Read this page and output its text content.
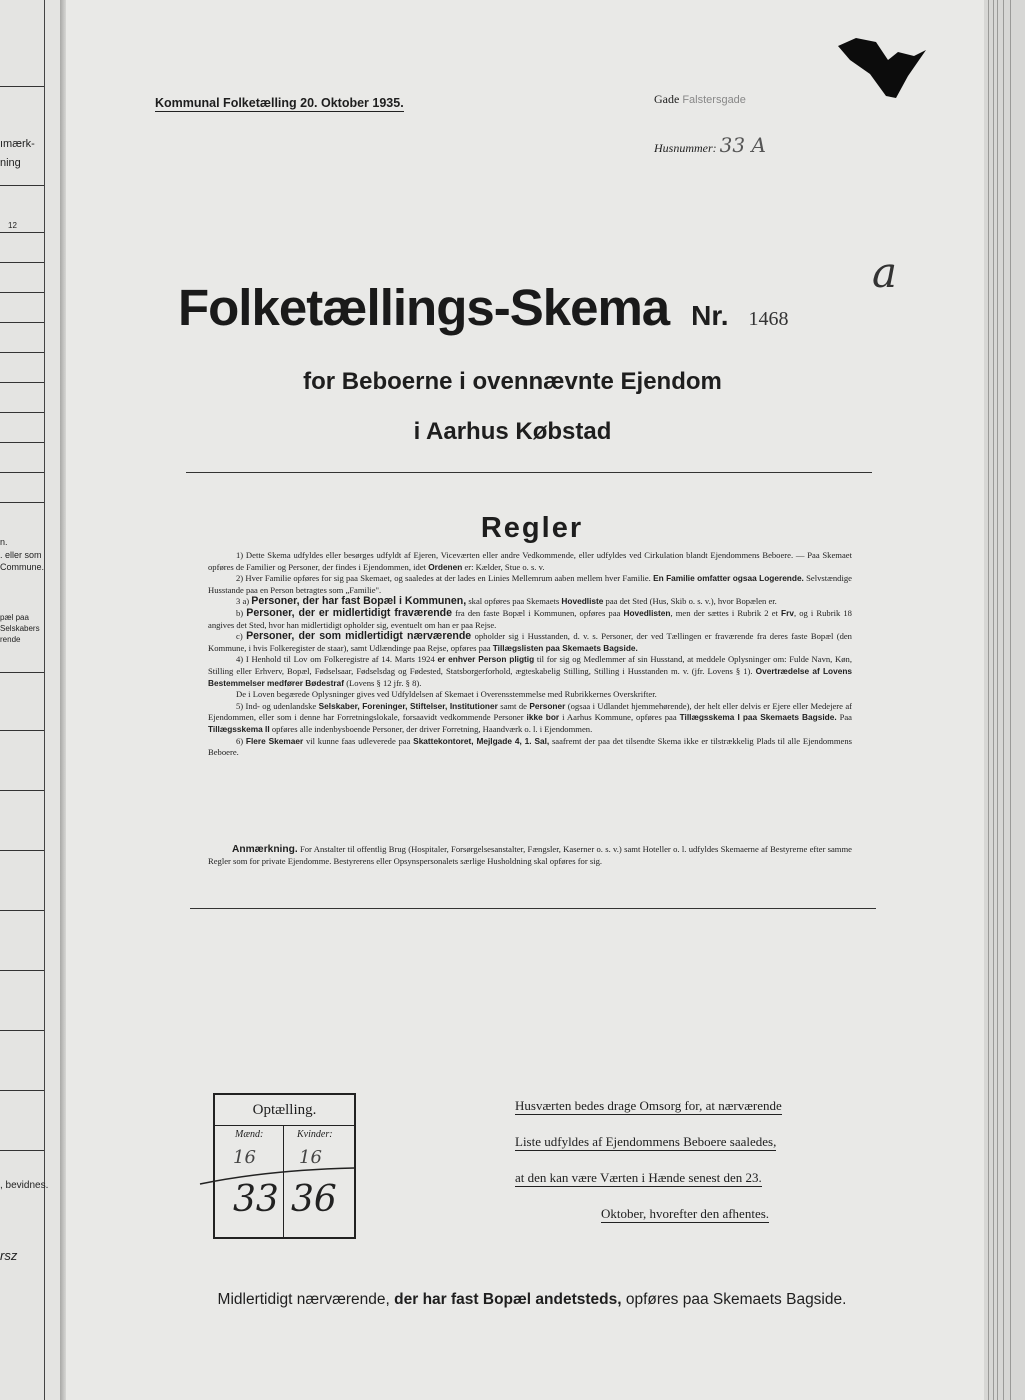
ımærk-
ning
12
n.
. eller som
Commune.
pæl paa
Selskabers
rende
, bevidnes.
rsz
Kommunal Folketælling 20. Oktober 1935.	Gade Falstersgade
Husnummer: 33 A
Folketællings-Skema Nr. 1468
a
for Beboerne i ovennævnte Ejendom
i Aarhus Købstad
Regler

1) Dette Skema udfyldes eller besørges udfyldt af Ejeren, Viceværten eller andre Vedkommende, eller udfyldes ved Cirkulation blandt Ejendommens Beboere. — Paa Skemaet opføres de Familier og Personer, der findes i Ejendommen, idet Ordenen er: Kælder, Stue o. s. v.

2) Hver Familie opføres for sig paa Skemaet, og saaledes at der lades en Linies Mellemrum aaben mellem hver Familie. En Familie omfatter ogsaa Logerende. Selvstændige Husstande paa en Person betragtes som „Familie".

3 a) Personer, der har fast Bopæl i Kommunen, skal opføres paa Skemaets Hovedliste paa det Sted (Hus, Skib o. s. v.), hvor Bopælen er.

b) Personer, der er midlertidigt fraværende fra den faste Bopæl i Kommunen, opføres paa Hovedlisten, men der sættes i Rubrik 2 et Frv, og i Rubrik 18 angives det Sted, hvor han midlertidigt opholder sig, eventuelt om han er paa Rejse.

c) Personer, der som midlertidigt nærværende opholder sig i Husstanden, d. v. s. Personer, der ved Tællingen er fraværende fra deres faste Bopæl (den Kommune, i hvis Folkeregister de staar), samt Udlændinge paa Rejse, opføres paa Tillægslisten paa Skemaets Bagside.

4) I Henhold til Lov om Folkeregistre af 14. Marts 1924 er enhver Person pligtig til for sig og Medlemmer af sin Husstand, at meddele Oplysninger om: Fulde Navn, Køn, Stilling eller Erhverv, Bopæl, Fødselsaar, Fødselsdag og Fødested, Statsborgerforhold, ægteskabelig Stilling, Stilling i Husstanden m. v. (jfr. Lovens § 1). Overtrædelse af Lovens Bestemmelser medfører Bødestraf (Lovens § 12 jfr. § 8).

De i Loven begærede Oplysninger gives ved Udfyldelsen af Skemaet i Overensstemmelse med Rubrikkernes Overskrifter.

5) Ind- og udenlandske Selskaber, Foreninger, Stiftelser, Institutioner samt de Personer (ogsaa i Udlandet hjemmehørende), der helt eller delvis er Ejere eller Medejere af Ejendommen, eller som i denne har Forretningslokale, forsaavidt vedkommende Personer ikke bor i Aarhus Kommune, opføres paa Tillægsskema I paa Skemaets Bagside. Paa Tillægsskema II opføres alle indenbysboende Personer, der driver Forretning, Haandværk o. l. i Ejendommen.

6) Flere Skemaer vil kunne faas udleverede paa Skattekontoret, Mejlgade 4, 1. Sal, saafremt der paa det tilsendte Skema ikke er tilstrækkelig Plads til alle Ejendommens Beboere.

Anmærkning. For Anstalter til offentlig Brug (Hospitaler, Forsørgelsesanstalter, Fængsler, Kaserner o. s. v.) samt Hoteller o. l. udfyldes Skemaerne af Bestyrerne efter samme Regler som for private Ejendomme. Bestyrerens eller Opsynspersonalets særlige Husholdning skal opføres for sig.
Optælling.
Mænd:	Kvinder:
16 16
33 36
Husværten bedes drage Omsorg for, at nærværende
Liste udfyldes af Ejendommens Beboere saaledes,
at den kan være Værten i Hænde senest den 23.
Oktober, hvorefter den afhentes.
Midlertidigt nærværende, der har fast Bopæl andetsteds, opføres paa Skemaets Bagside.
